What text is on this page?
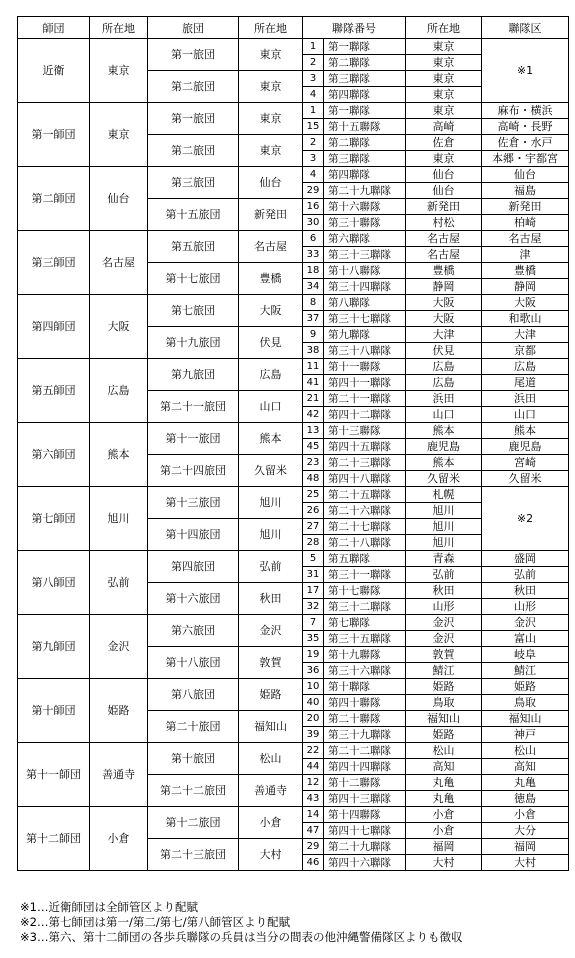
師団	所在地	旅団	所在地	聯隊番号		所在地	聯隊区
近衛	東京	第一旅団	東京	1	第一聯隊	東京	※1
				2	第二聯隊	東京	
		第二旅団	東京	3	第三聯隊	東京	
				4	第四聯隊	東京	
第一師団	東京	第一旅団	東京	1	第一聯隊	東京	麻布・横浜
				15	第十五聯隊	高崎	高崎・長野
		第二旅団	東京	2	第二聯隊	佐倉	佐倉・水戸
				3	第三聯隊	東京	本郷・宇都宮
第二師団	仙台	第三旅団	仙台	4	第四聯隊	仙台	仙台
				29	第二十九聯隊	仙台	福島
		第十五旅団	新発田	16	第十六聯隊	新発田	新発田
				30	第三十聯隊	村松	柏崎
第三師団	名古屋	第五旅団	名古屋	6	第六聯隊	名古屋	名古屋
				33	第三十三聯隊	名古屋	津
		第十七旅団	豊橋	18	第十八聯隊	豊橋	豊橋
				34	第三十四聯隊	静岡	静岡
第四師団	大阪	第七旅団	大阪	8	第八聯隊	大阪	大阪
				37	第三十七聯隊	大阪	和歌山
		第十九旅団	伏見	9	第九聯隊	大津	大津
				38	第三十八聯隊	伏見	京都
第五師団	広島	第九旅団	広島	11	第十一聯隊	広島	広島
				41	第四十一聯隊	広島	尾道
		第二十一旅団	山口	21	第二十一聯隊	浜田	浜田
				42	第四十二聯隊	山口	山口
第六師団	熊本	第十一旅団	熊本	13	第十三聯隊	熊本	熊本
				45	第四十五聯隊	鹿児島	鹿児島
		第二十四旅団	久留米	23	第二十三聯隊	熊本	宮崎
				48	第四十八聯隊	久留米	久留米
第七師団	旭川	第十三旅団	旭川	25	第二十五聯隊	札幌	※2
				26	第二十六聯隊	旭川	
		第十四旅団	旭川	27	第二十七聯隊	旭川	
				28	第二十八聯隊	旭川	
第八師団	弘前	第四旅団	弘前	5	第五聯隊	青森	盛岡
				31	第三十一聯隊	弘前	弘前
		第十六旅団	秋田	17	第十七聯隊	秋田	秋田
				32	第三十二聯隊	山形	山形
第九師団	金沢	第六旅団	金沢	7	第七聯隊	金沢	金沢
				35	第三十五聯隊	金沢	富山
		第十八旅団	敦賀	19	第十九聯隊	敦賀	岐阜
				36	第三十六聯隊	鯖江	鯖江
第十師団	姫路	第八旅団	姫路	10	第十聯隊	姫路	姫路
				40	第四十聯隊	鳥取	鳥取
		第二十旅団	福知山	20	第二十聯隊	福知山	福知山
				39	第三十九聯隊	姫路	神戸
第十一師団	善通寺	第十旅団	松山	22	第二十二聯隊	松山	松山
				44	第四十四聯隊	高知	高知
		第二十二旅団	善通寺	12	第十二聯隊	丸亀	丸亀
				43	第四十三聯隊	丸亀	徳島
第十二師団	小倉	第十二旅団	小倉	14	第十四聯隊	小倉	小倉
				47	第四十七聯隊	小倉	大分
		第二十三旅団	大村	29	第二十九聯隊	福岡	福岡
				46	第四十六聯隊	大村	大村
※1…近衛師団は全師管区より配賦
※2…第七師団は第一/第二/第七/第八師管区より配賦
※3…第六、第十二師団の各歩兵聯隊の兵員は当分の間表の他沖縄警備隊区よりも徴収
